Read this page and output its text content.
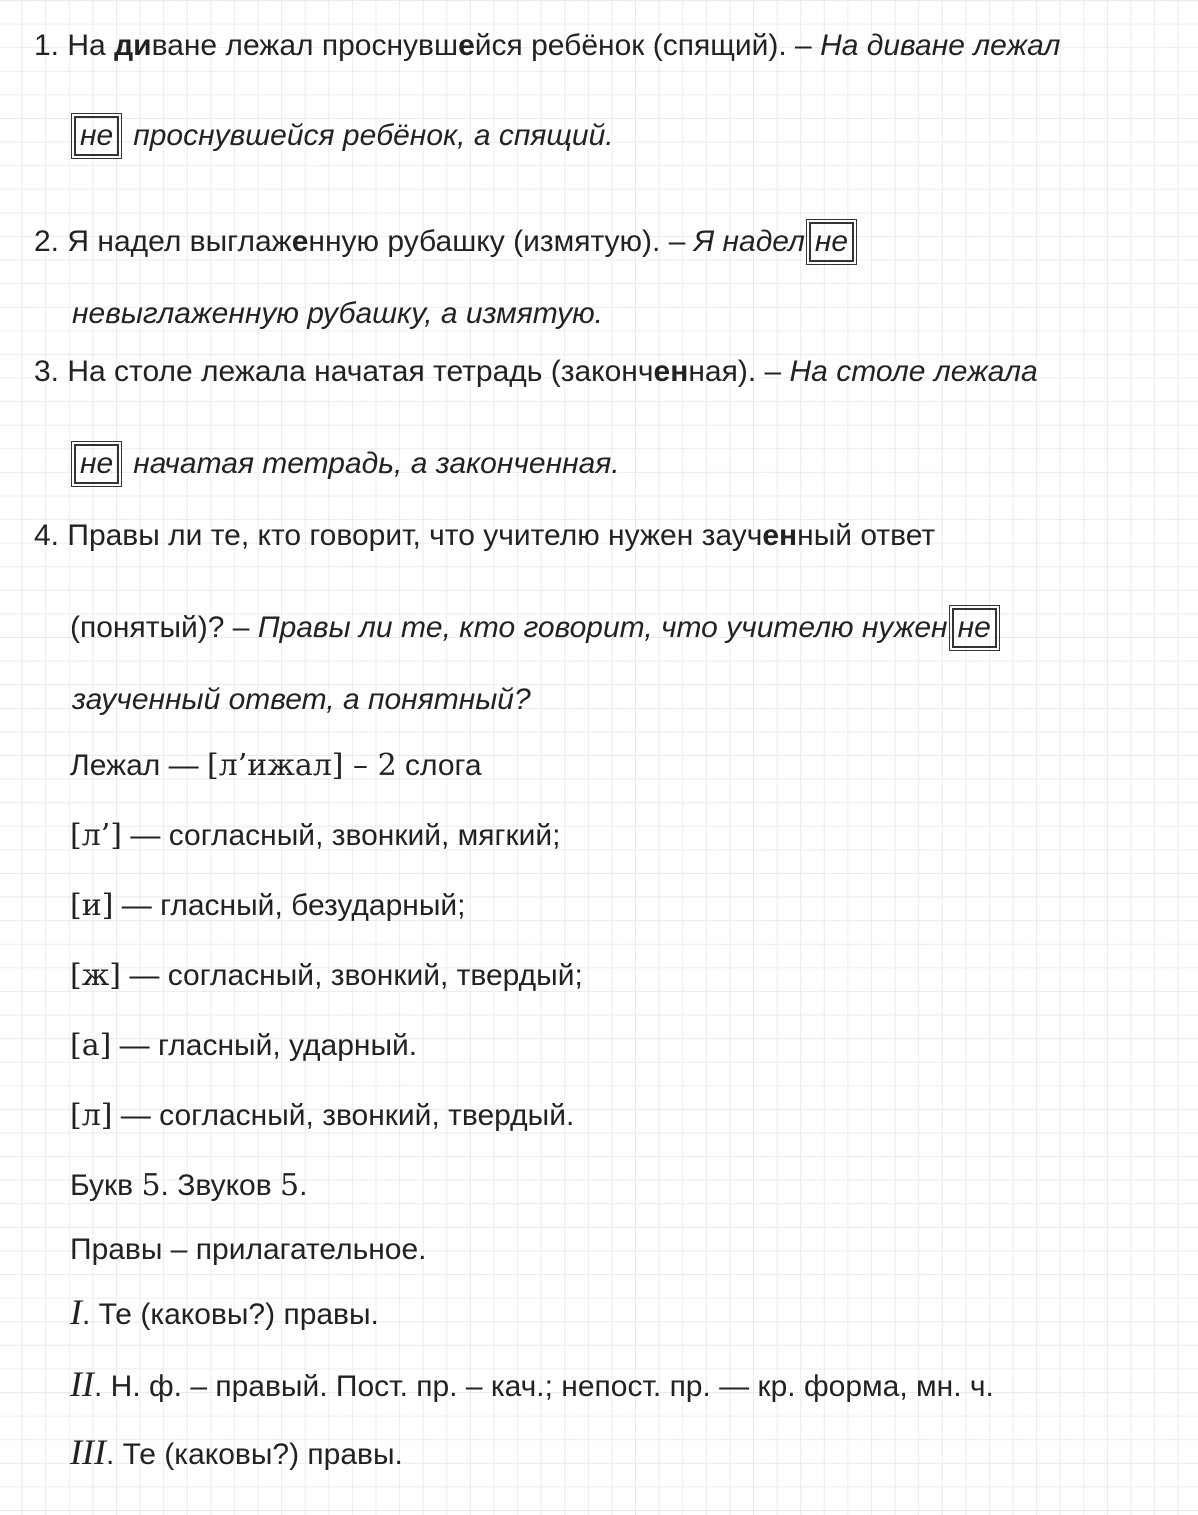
1. На диване лежал проснувшейся ребёнок (спящий). – На диване лежал
не проснувшейся ребёнок, а спящий.
2. Я надел выглаженную рубашку (измятую). – Я надел не
невыглаженную рубашку, а измятую.
3. На столе лежала начатая тетрадь (законченная). – На столе лежала
не начатая тетрадь, а законченная.
4. Правы ли те, кто говорит, что учителю нужен заученный ответ
(понятый)? – Правы ли те, кто говорит, что учителю нужен не
заученный ответ, а понятный?
Лежал — [л’ижал] – 2 слога
[л’] — согласный, звонкий, мягкий;
[и] — гласный, безударный;
[ж] — согласный, звонкий, твердый;
[а] — гласный, ударный.
[л] — согласный, звонкий, твердый.
Букв 5. Звуков 5.
Правы – прилагательное.
I. Те (каковы?) правы.
II. Н. ф. – правый. Пост. пр. – кач.; непост. пр. — кр. форма, мн. ч.
III. Те (каковы?) правы.
